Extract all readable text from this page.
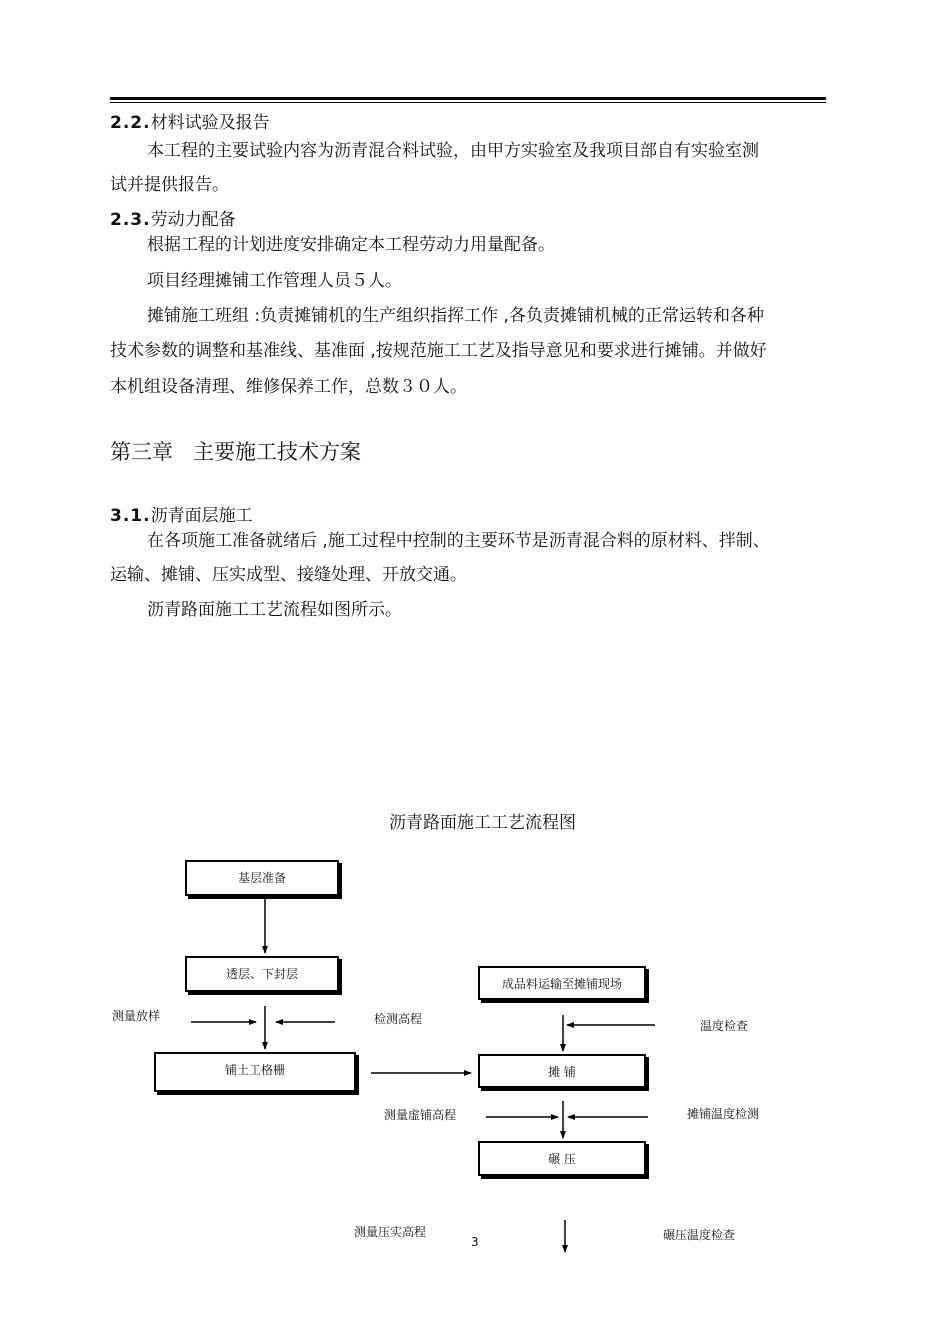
2.2.材料试验及报告
本工程的主要试验内容为沥青混合料试验，由甲方实验室及我项目部自有实验室测
试并提供报告。
2.3.劳动力配备
根据工程的计划进度安排确定本工程劳动力用量配备。
项目经理摊铺工作管理人员５人。
摊铺施工班组 :负责摊铺机的生产组织指挥工作 ,各负责摊铺机械的正常运转和各种
技术参数的调整和基准线、基准面 ,按规范施工工艺及指导意见和要求进行摊铺。并做好
本机组设备清理、维修保养工作，总数３０人。
第三章   主要施工技术方案
3.1.沥青面层施工
在各项施工准备就绪后 ,施工过程中控制的主要环节是沥青混合料的原材料、拌制、
运输、摊铺、压实成型、接缝处理、开放交通。
沥青路面施工工艺流程如图所示。
沥青路面施工工艺流程图
基层准备
透层、下封层
铺土工格栅
成品料运输至摊铺现场
摊 铺
碾 压
测量放样	检测高程	温度检查
测量虚铺高程	摊铺温度检测
测量压实高程	碾压温度检查
3
